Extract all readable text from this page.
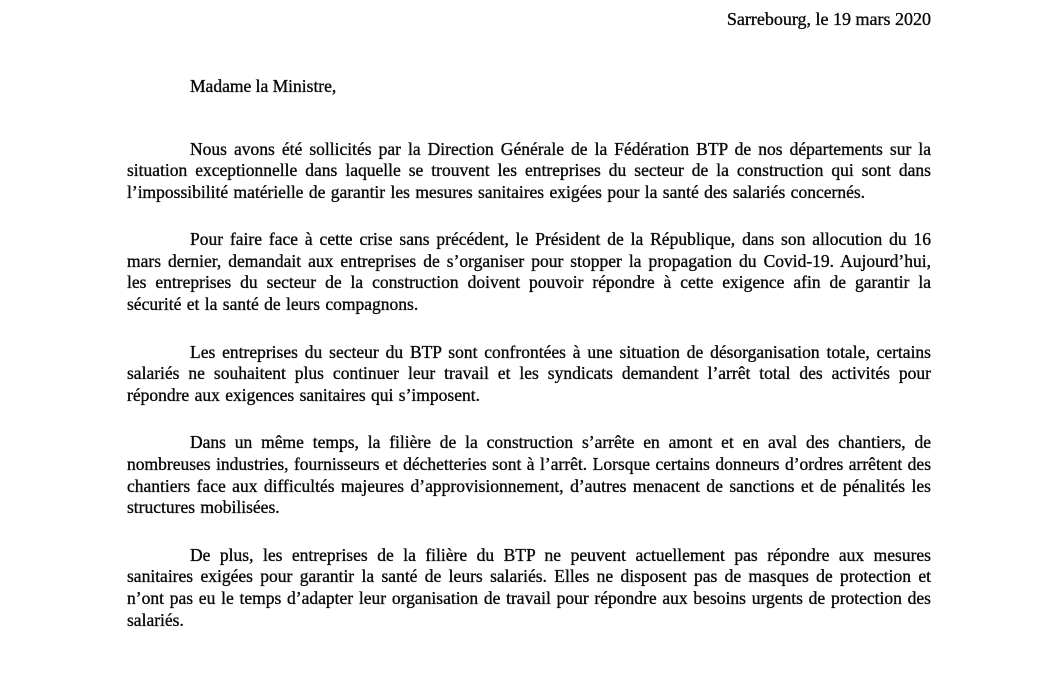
Sarrebourg, le 19 mars 2020
Madame la Ministre,

Nous avons été sollicités par la Direction Générale de la Fédération BTP de nos départements sur la situation exceptionnelle dans laquelle se trouvent les entreprises du secteur de la construction qui sont dans l’impossibilité matérielle de garantir les mesures sanitaires exigées pour la santé des salariés concernés.

Pour faire face à cette crise sans précédent, le Président de la République, dans son allocution du 16 mars dernier, demandait aux entreprises de s’organiser pour stopper la propagation du Covid-19. Aujourd’hui, les entreprises du secteur de la construction doivent pouvoir répondre à cette exigence afin de garantir la sécurité et la santé de leurs compagnons.

Les entreprises du secteur du BTP sont confrontées à une situation de désorganisation totale, certains salariés ne souhaitent plus continuer leur travail et les syndicats demandent l’arrêt total des activités pour répondre aux exigences sanitaires qui s’imposent.

Dans un même temps, la filière de la construction s’arrête en amont et en aval des chantiers, de nombreuses industries, fournisseurs et déchetteries sont à l’arrêt. Lorsque certains donneurs d’ordres arrêtent des chantiers face aux difficultés majeures d’approvisionnement, d’autres menacent de sanctions et de pénalités les structures mobilisées.

De plus, les entreprises de la filière du BTP ne peuvent actuellement pas répondre aux mesures sanitaires exigées pour garantir la santé de leurs salariés. Elles ne disposent pas de masques de protection et n’ont pas eu le temps d’adapter leur organisation de travail pour répondre aux besoins urgents de protection des salariés.
